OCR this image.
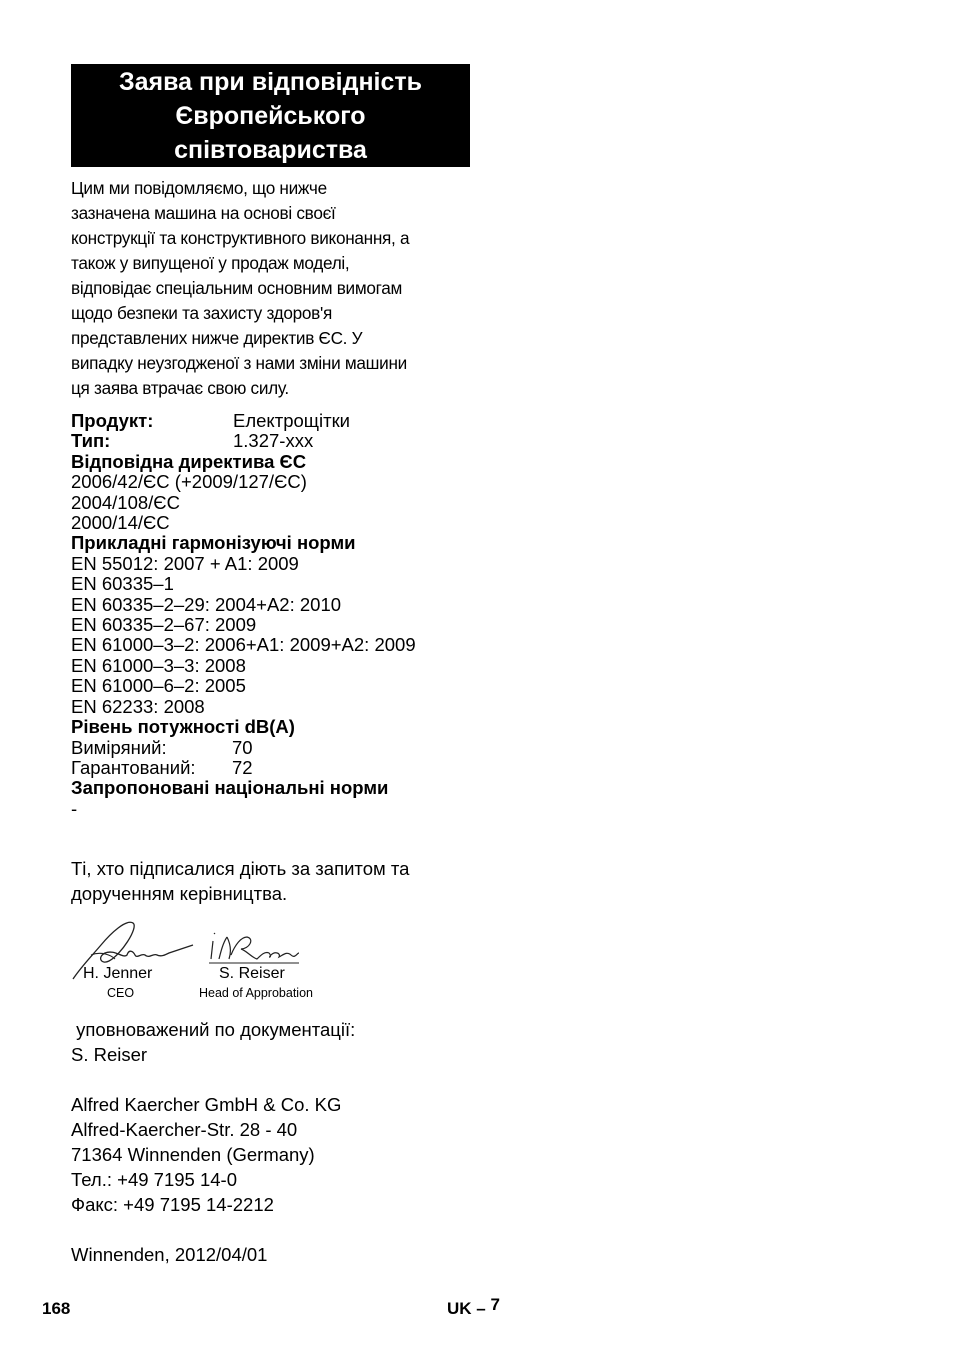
Заява при відповідність
Європейського
співтовариства
Цим ми повідомляємо, що нижче
зазначена машина на основі своєї
конструкції та конструктивного виконання, а
також у випущеної у продаж моделі,
відповідає спеціальним основним вимогам
щодо безпеки та захисту здоров'я
представлених нижче директив ЄС. У
випадку неузгодженої з нами зміни машини
ця заява втрачає свою силу.
Продукт:	Електрощітки
Тип:	1.327-xxx
Відповідна директива ЄС
2006/42/ЄС (+2009/127/ЄС)
2004/108/ЄС
2000/14/ЄС
Прикладні гармонізуючі норми
EN 55012: 2007 + A1: 2009
EN 60335–1
EN 60335–2–29: 2004+A2: 2010
EN 60335–2–67: 2009
EN 61000–3–2: 2006+A1: 2009+A2: 2009
EN 61000–3–3: 2008
EN 61000–6–2: 2005
EN 62233: 2008
Рівень потужності dB(A)
Виміряний:	70
Гарантований:	72
Запропоновані національні норми
-
Ті, хто підписалися діють за запитом та
дорученням керівництва.
H. Jenner
CEO
S. Reiser
Head of Approbation
уповноважений по документації:
S. Reiser
Alfred Kaercher GmbH & Co. KG
Alfred-Kaercher-Str. 28 - 40
71364 Winnenden (Germany)
Тел.: +49 7195 14-0
Факс: +49 7195 14-2212
Winnenden, 2012/04/01
168	UK – 7
